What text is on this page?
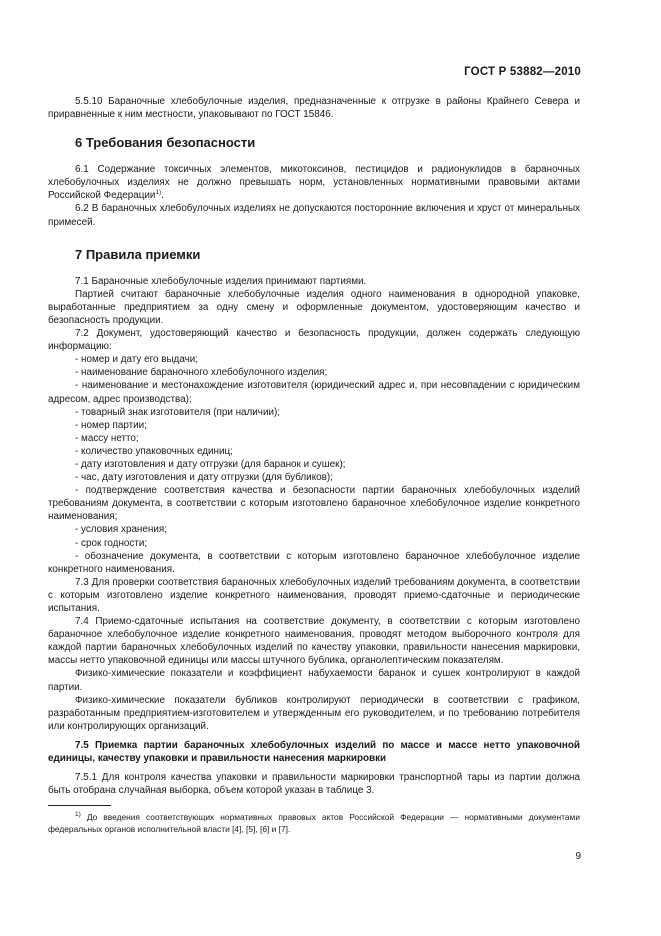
ГОСТ Р 53882—2010

5.5.10 Бараночные хлебобулочные изделия, предназначенные к отгрузке в районы Крайнего Севера и приравненные к ним местности, упаковывают по ГОСТ 15846.

6 Требования безопасности

6.1 Содержание токсичных элементов, микотоксинов, пестицидов и радионуклидов в бараночных хлебобулочных изделиях не должно превышать норм, установленных нормативными правовыми актами Российской Федерации$^{1)}$.

6.2 В бараночных хлебобулочных изделиях не допускаются посторонние включения и хруст от минеральных примесей.

7 Правила приемки

7.1 Бараночные хлебобулочные изделия принимают партиями.

Партией считают бараночные хлебобулочные изделия одного наименования в однородной упаковке, выработанные предприятием за одну смену и оформленные документом, удостоверяющим качество и безопасность продукции.

7.2 Документ, удостоверяющий качество и безопасность продукции, должен содержать следующую информацию:

- номер и дату его выдачи;

- наименование бараночного хлебобулочного изделия;

- наименование и местонахождение изготовителя (юридический адрес и, при несовпадении с юридическим адресом, адрес производства);

- товарный знак изготовителя (при наличии);

- номер партии;

- массу нетто;

- количество упаковочных единиц;

- дату изготовления и дату отгрузки (для баранок и сушек);

- час, дату изготовления и дату отгрузки (для бубликов);

- подтверждение соответствия качества и безопасности партии бараночных хлебобулочных изделий требованиям документа, в соответствии с которым изготовлено бараночное хлебобулочное изделие конкретного наименования;

- условия хранения;

- срок годности;

- обозначение документа, в соответствии с которым изготовлено бараночное хлебобулочное изделие конкретного наименования.

7.3 Для проверки соответствия бараночных хлебобулочных изделий требованиям документа, в соответствии с которым изготовлено изделие конкретного наименования, проводят приемо-сдаточные и периодические испытания.

7.4 Приемо-сдаточные испытания на соответствие документу, в соответствии с которым изготовлено бараночное хлебобулочное изделие конкретного наименования, проводят методом выборочного контроля для каждой партии бараночных хлебобулочных изделий по качеству упаковки, правильности нанесения маркировки, массы нетто упаковочной единицы или массы штучного бублика, органолептическим показателям.

Физико-химические показатели и коэффициент набухаемости баранок и сушек контролируют в каждой партии.

Физико-химические показатели бубликов контролируют периодически в соответствии с графиком, разработанным предприятием-изготовителем и утвержденным его руководителем, и по требованию потребителя или контролирующих организаций.

7.5 Приемка партии бараночных хлебобулочных изделий по массе и массе нетто упаковочной единицы, качеству упаковки и правильности нанесения маркировки

7.5.1 Для контроля качества упаковки и правильности маркировки транспортной тары из партии должна быть отобрана случайная выборка, объем которой указан в таблице 3.

$^{1)}$ До введения соответствующих нормативных правовых актов Российской Федерации — нормативными документами федеральных органов исполнительной власти [4], [5], [6] и [7].

9
